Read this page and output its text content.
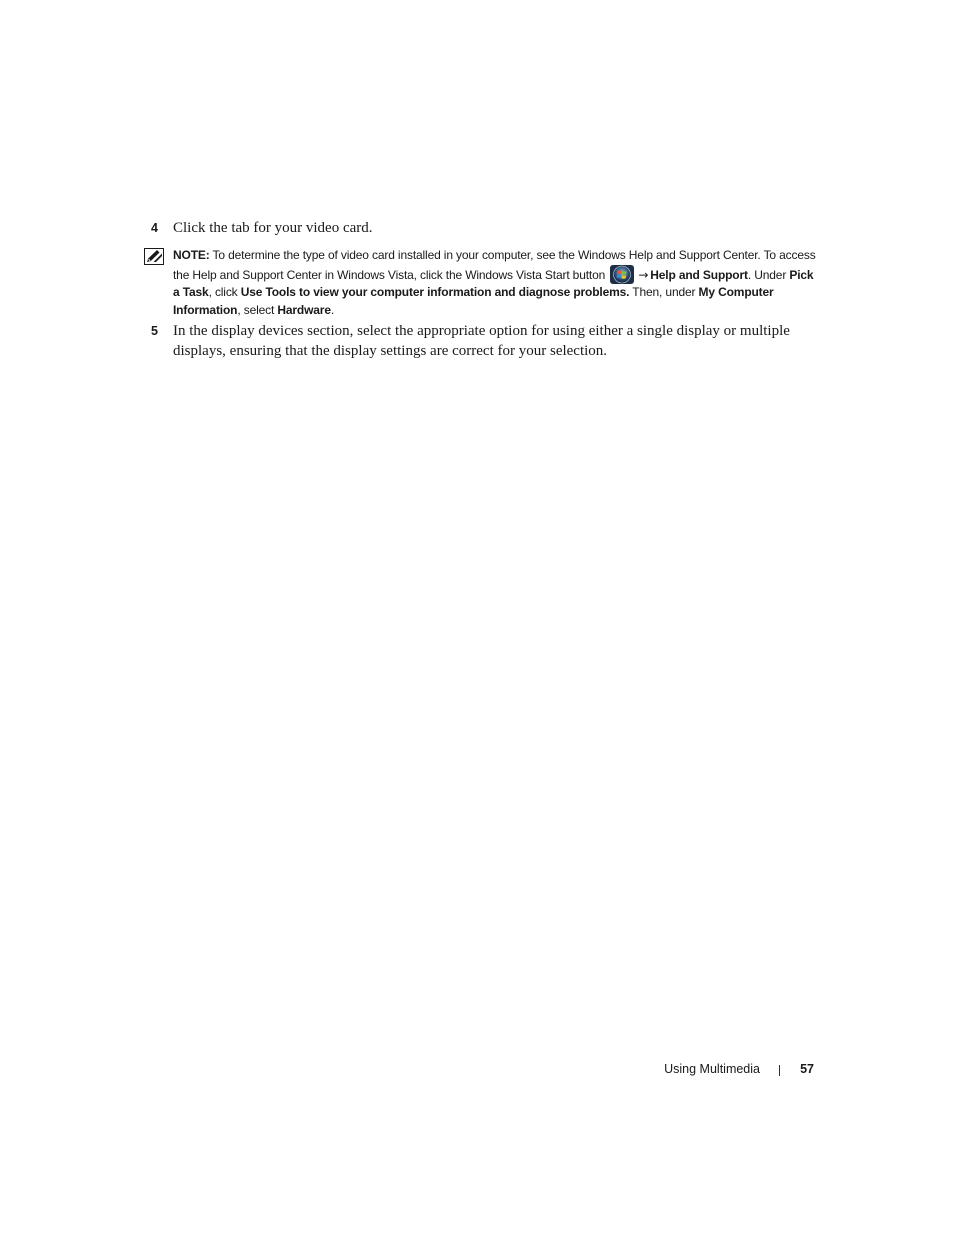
4	Click the tab for your video card.
NOTE: To determine the type of video card installed in your computer, see the Windows Help and Support Center. To access the Help and Support Center in Windows Vista, click the Windows Vista Start button	→ Help and Support. Under Pick a Task, click Use Tools to view your computer information and diagnose problems. Then, under My Computer Information, select Hardware.
5	In the display devices section, select the appropriate option for using either a single display or multiple displays, ensuring that the display settings are correct for your selection.
Using Multimedia	57
